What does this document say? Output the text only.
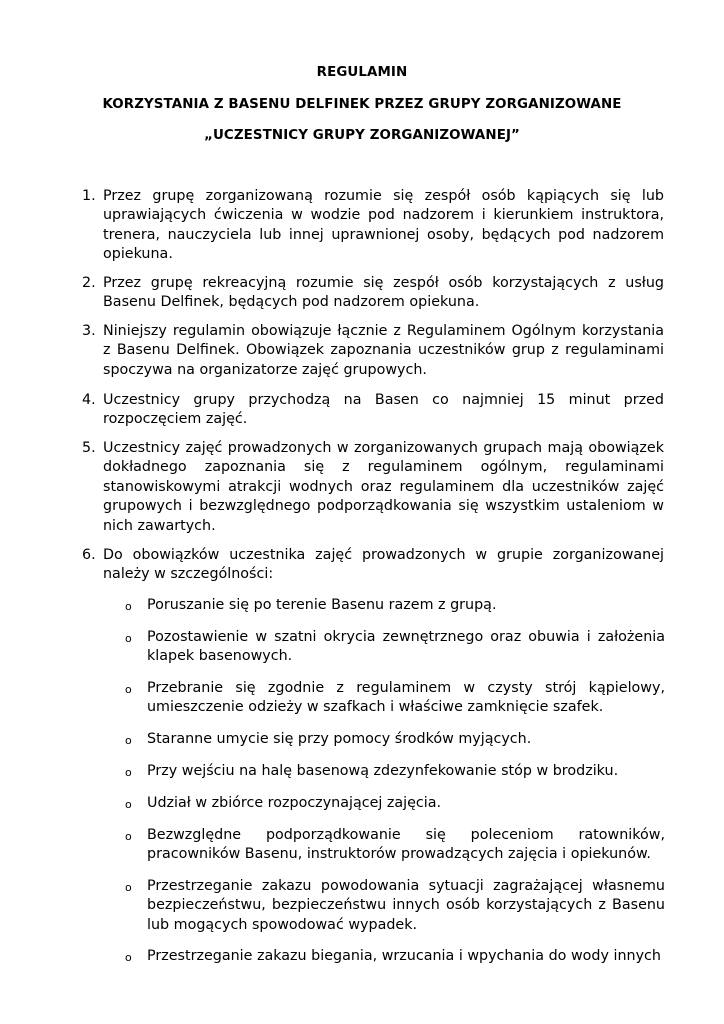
REGULAMIN
KORZYSTANIA Z BASENU DELFINEK PRZEZ GRUPY ZORGANIZOWANE
„UCZESTNICY GRUPY ZORGANIZOWANEJ”
1. Przez grupę zorganizowaną rozumie się zespół osób kąpiących się lub uprawiających ćwiczenia w wodzie pod nadzorem i kierunkiem instruktora, trenera, nauczyciela lub innej uprawnionej osoby, będących pod nadzorem opiekuna.
2. Przez grupę rekreacyjną rozumie się zespół osób korzystających z usług Basenu Delfinek, będących pod nadzorem opiekuna.
3. Niniejszy regulamin obowiązuje łącznie z Regulaminem Ogólnym korzystania z Basenu Delfinek. Obowiązek zapoznania uczestników grup z regulaminami spoczywa na organizatorze zajęć grupowych.
4. Uczestnicy grupy przychodzą na Basen co najmniej 15 minut przed rozpoczęciem zajęć.
5. Uczestnicy zajęć prowadzonych w zorganizowanych grupach mają obowiązek dokładnego zapoznania się z regulaminem ogólnym, regulaminami stanowiskowymi atrakcji wodnych oraz regulaminem dla uczestników zajęć grupowych i bezwzględnego podporządkowania się wszystkim ustaleniom w nich zawartych.
6. Do obowiązków uczestnika zajęć prowadzonych w grupie zorganizowanej należy w szczególności:
o Poruszanie się po terenie Basenu razem z grupą.
o Pozostawienie w szatni okrycia zewnętrznego oraz obuwia i założenia klapek basenowych.
o Przebranie się zgodnie z regulaminem w czysty strój kąpielowy, umieszczenie odzieży w szafkach i właściwe zamknięcie szafek.
o Staranne umycie się przy pomocy środków myjących.
o Przy wejściu na halę basenową zdezynfekowanie stóp w brodziku.
o Udział w zbiórce rozpoczynającej zajęcia.
o Bezwzględne podporządkowanie się poleceniom ratowników, pracowników Basenu, instruktorów prowadzących zajęcia i opiekunów.
o Przestrzeganie zakazu powodowania sytuacji zagrażającej własnemu bezpieczeństwu, bezpieczeństwu innych osób korzystających z Basenu lub mogących spowodować wypadek.
o Przestrzeganie zakazu biegania, wrzucania i wpychania do wody innych
